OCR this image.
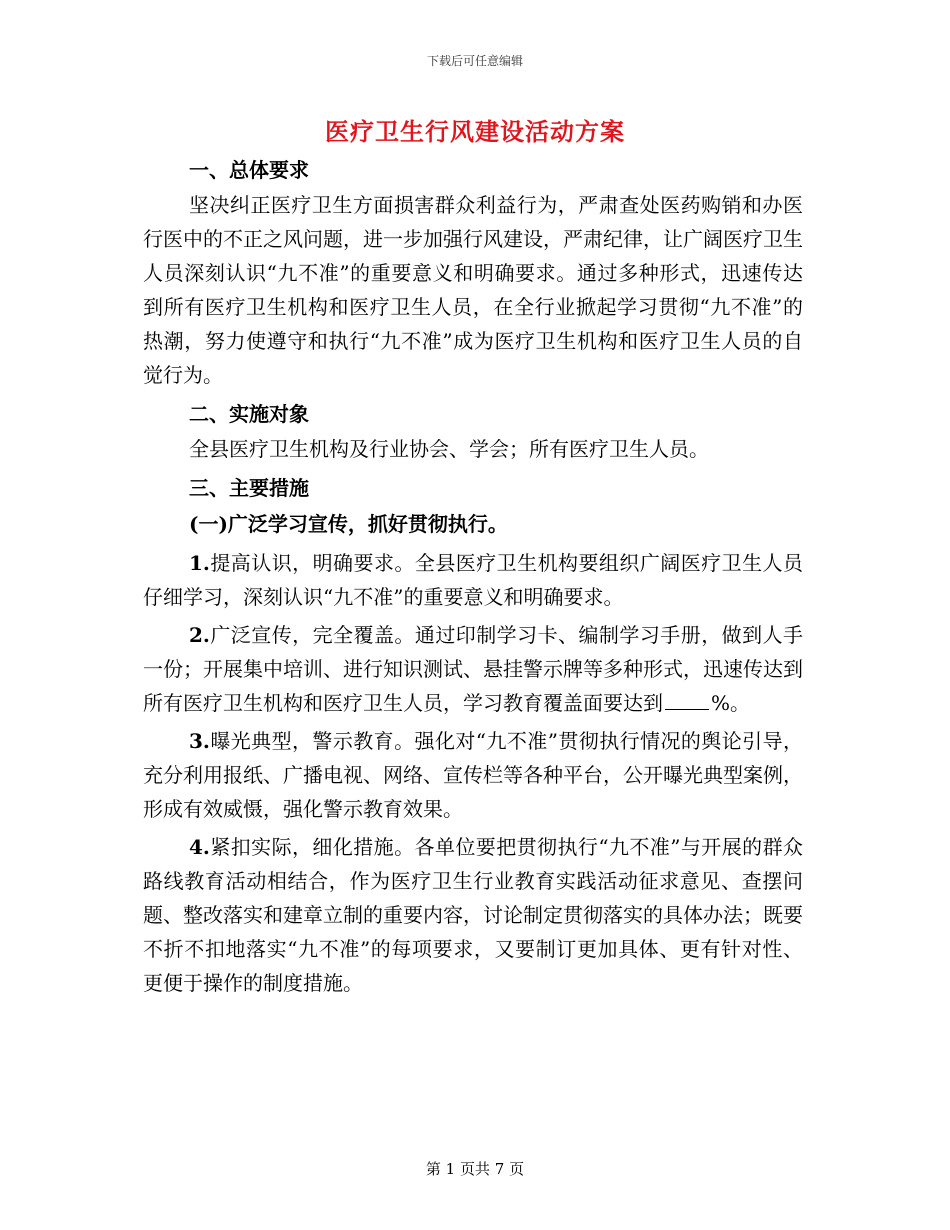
下载后可任意编辑
医疗卫生行风建设活动方案

一、总体要求

坚决纠正医疗卫生方面损害群众利益行为，严肃查处医药购销和办医行医中的不正之风问题，进一步加强行风建设，严肃纪律，让广阔医疗卫生人员深刻认识“九不准”的重要意义和明确要求。通过多种形式，迅速传达到所有医疗卫生机构和医疗卫生人员，在全行业掀起学习贯彻“九不准”的热潮，努力使遵守和执行“九不准”成为医疗卫生机构和医疗卫生人员的自觉行为。

二、实施对象

全县医疗卫生机构及行业协会、学会；所有医疗卫生人员。

三、主要措施

(一)广泛学习宣传，抓好贯彻执行。

1.提高认识，明确要求。全县医疗卫生机构要组织广阔医疗卫生人员仔细学习，深刻认识“九不准”的重要意义和明确要求。

2.广泛宣传，完全覆盖。通过印制学习卡、编制学习手册，做到人手一份；开展集中培训、进行知识测试、悬挂警示牌等多种形式，迅速传达到所有医疗卫生机构和医疗卫生人员，学习教育覆盖面要达到 %。

3.曝光典型，警示教育。强化对“九不准”贯彻执行情况的舆论引导，充分利用报纸、广播电视、网络、宣传栏等各种平台，公开曝光典型案例，形成有效威慑，强化警示教育效果。

4.紧扣实际，细化措施。各单位要把贯彻执行“九不准”与开展的群众路线教育活动相结合，作为医疗卫生行业教育实践活动征求意见、查摆问题、整改落实和建章立制的重要内容，讨论制定贯彻落实的具体办法；既要不折不扣地落实“九不准”的每项要求，又要制订更加具体、更有针对性、更便于操作的制度措施。

第 1 页共 7 页
